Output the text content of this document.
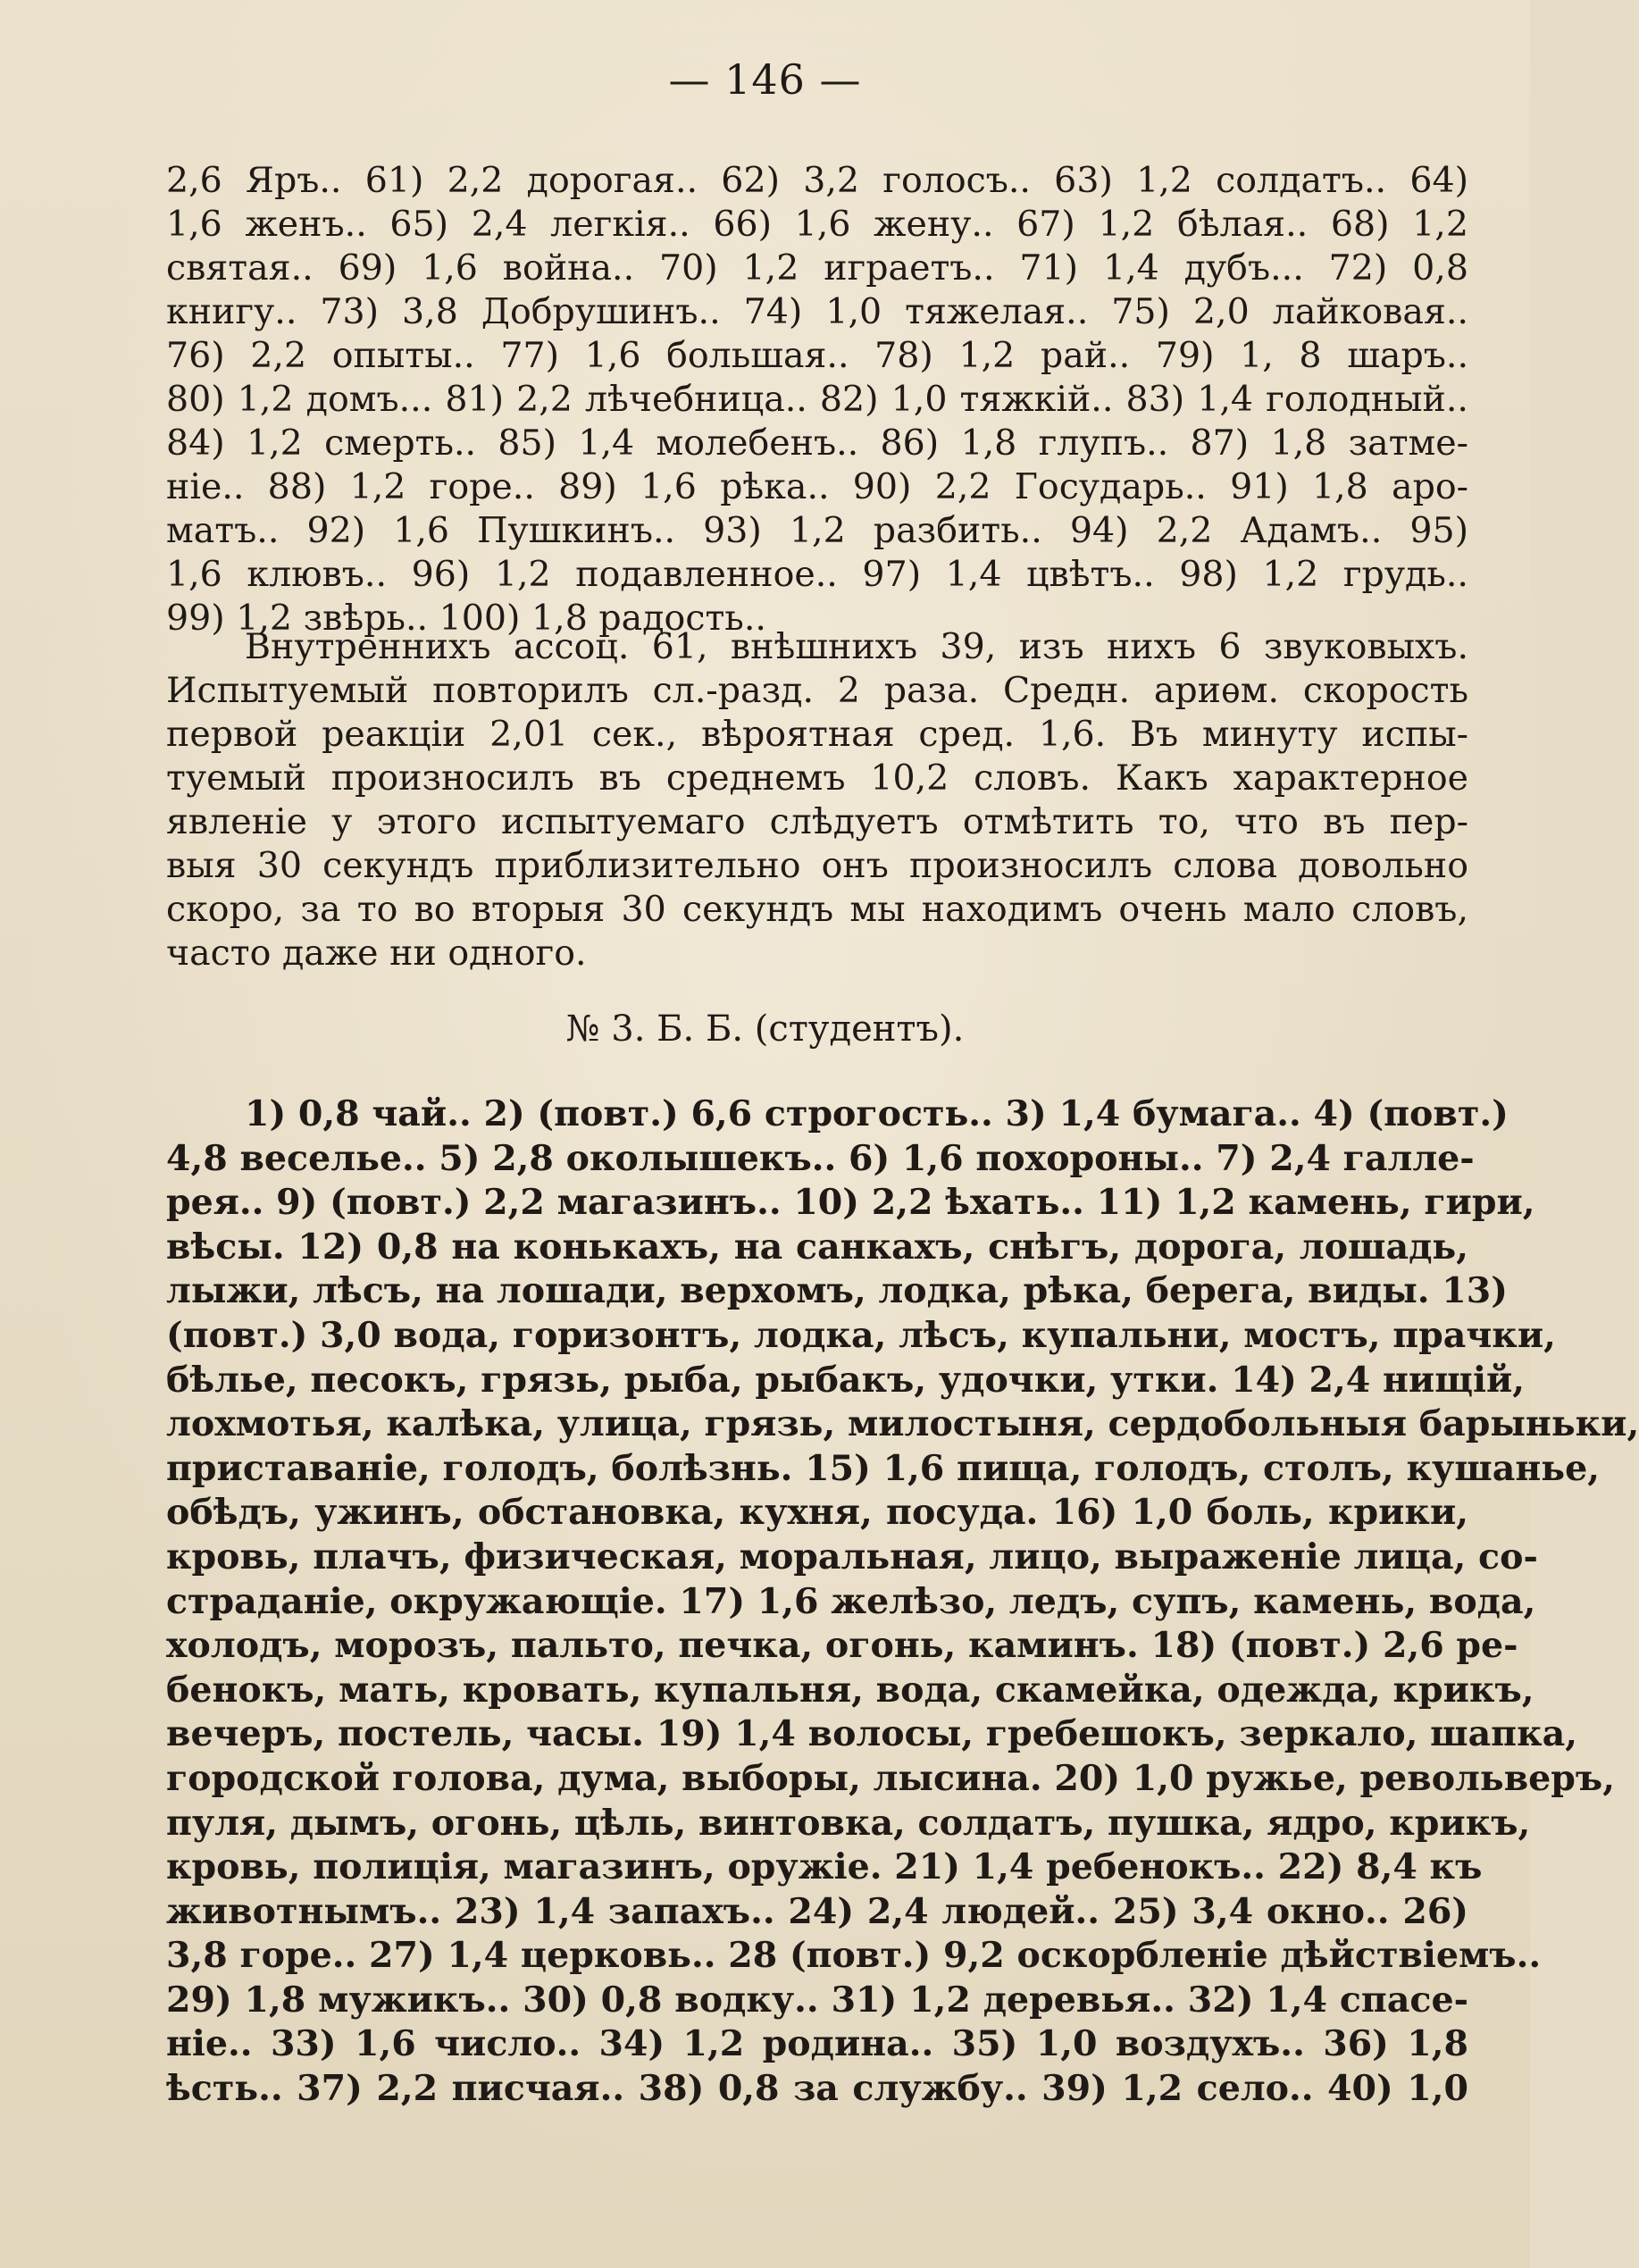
— 146 —
2,6 Яръ.. 61) 2,2 дорогая.. 62) 3,2 голосъ.. 63) 1,2 солдатъ.. 64)
1,6 женъ.. 65) 2,4 легкія.. 66) 1,6 жену.. 67) 1,2 бѣлая.. 68) 1,2
святая.. 69) 1,6 война.. 70) 1,2 играетъ.. 71) 1,4 дубъ... 72) 0,8
книгу.. 73) 3,8 Добрушинъ.. 74) 1,0 тяжелая.. 75) 2,0 лайковая..
76) 2,2 опыты.. 77) 1,6 большая.. 78) 1,2 рай.. 79) 1, 8 шаръ..
80) 1,2 домъ... 81) 2,2 лѣчебница.. 82) 1,0 тяжкій.. 83) 1,4 голодный..
84) 1,2 смерть.. 85) 1,4 молебенъ.. 86) 1,8 глупъ.. 87) 1,8 затме-
ніе.. 88) 1,2 горе.. 89) 1,6 рѣка.. 90) 2,2 Государь.. 91) 1,8 аро-
матъ.. 92) 1,6 Пушкинъ.. 93) 1,2 разбить.. 94) 2,2 Адамъ.. 95)
1,6 клювъ.. 96) 1,2 подавленное.. 97) 1,4 цвѣтъ.. 98) 1,2 грудь..
99) 1,2 звѣрь.. 100) 1,8 радость..
Внутреннихъ ассоц. 61, внѣшнихъ 39, изъ нихъ 6 звуковыхъ.
Испытуемый повторилъ сл.-разд. 2 раза. Средн. ариѳм. скорость
первой реакціи 2,01 сек., вѣроятная сред. 1,6. Въ минуту испы-
туемый произносилъ въ среднемъ 10,2 словъ. Какъ характерное
явленіе у этого испытуемаго слѣдуетъ отмѣтить то, что въ пер-
выя 30 секундъ приблизительно онъ произносилъ слова довольно
скоро, за то во вторыя 30 секундъ мы находимъ очень мало словъ,
часто даже ни одного.
№ 3. Б. Б. (студентъ).
1) 0,8 чай.. 2) (повт.) 6,6 строгость.. 3) 1,4 бумага.. 4) (повт.)
4,8 веселье.. 5) 2,8 околышекъ.. 6) 1,6 похороны.. 7) 2,4 галле-
рея.. 9) (повт.) 2,2 магазинъ.. 10) 2,2 ѣхать.. 11) 1,2 камень, гири,
вѣсы. 12) 0,8 на конькахъ, на санкахъ, снѣгъ, дорога, лошадь,
лыжи, лѣсъ, на лошади, верхомъ, лодка, рѣка, берега, виды. 13)
(повт.) 3,0 вода, горизонтъ, лодка, лѣсъ, купальни, мостъ, прачки,
бѣлье, песокъ, грязь, рыба, рыбакъ, удочки, утки. 14) 2,4 нищій,
лохмотья, калѣка, улица, грязь, милостыня, сердобольныя барыньки,
приставаніе, голодъ, болѣзнь. 15) 1,6 пища, голодъ, столъ, кушанье,
обѣдъ, ужинъ, обстановка, кухня, посуда. 16) 1,0 боль, крики,
кровь, плачъ, физическая, моральная, лицо, выраженіе лица, со-
страданіе, окружающіе. 17) 1,6 желѣзо, ледъ, супъ, камень, вода,
холодъ, морозъ, пальто, печка, огонь, каминъ. 18) (повт.) 2,6 ре-
бенокъ, мать, кровать, купальня, вода, скамейка, одежда, крикъ,
вечеръ, постель, часы. 19) 1,4 волосы, гребешокъ, зеркало, шапка,
городской голова, дума, выборы, лысина. 20) 1,0 ружье, револьверъ,
пуля, дымъ, огонь, цѣль, винтовка, солдатъ, пушка, ядро, крикъ,
кровь, полиція, магазинъ, оружіе. 21) 1,4 ребенокъ.. 22) 8,4 къ
животнымъ.. 23) 1,4 запахъ.. 24) 2,4 людей.. 25) 3,4 окно.. 26)
3,8 горе.. 27) 1,4 церковь.. 28 (повт.) 9,2 оскорбленіе дѣйствіемъ..
29) 1,8 мужикъ.. 30) 0,8 водку.. 31) 1,2 деревья.. 32) 1,4 спасе-
ніе.. 33) 1,6 число.. 34) 1,2 родина.. 35) 1,0 воздухъ.. 36) 1,8
ѣсть.. 37) 2,2 писчая.. 38) 0,8 за службу.. 39) 1,2 село.. 40) 1,0
